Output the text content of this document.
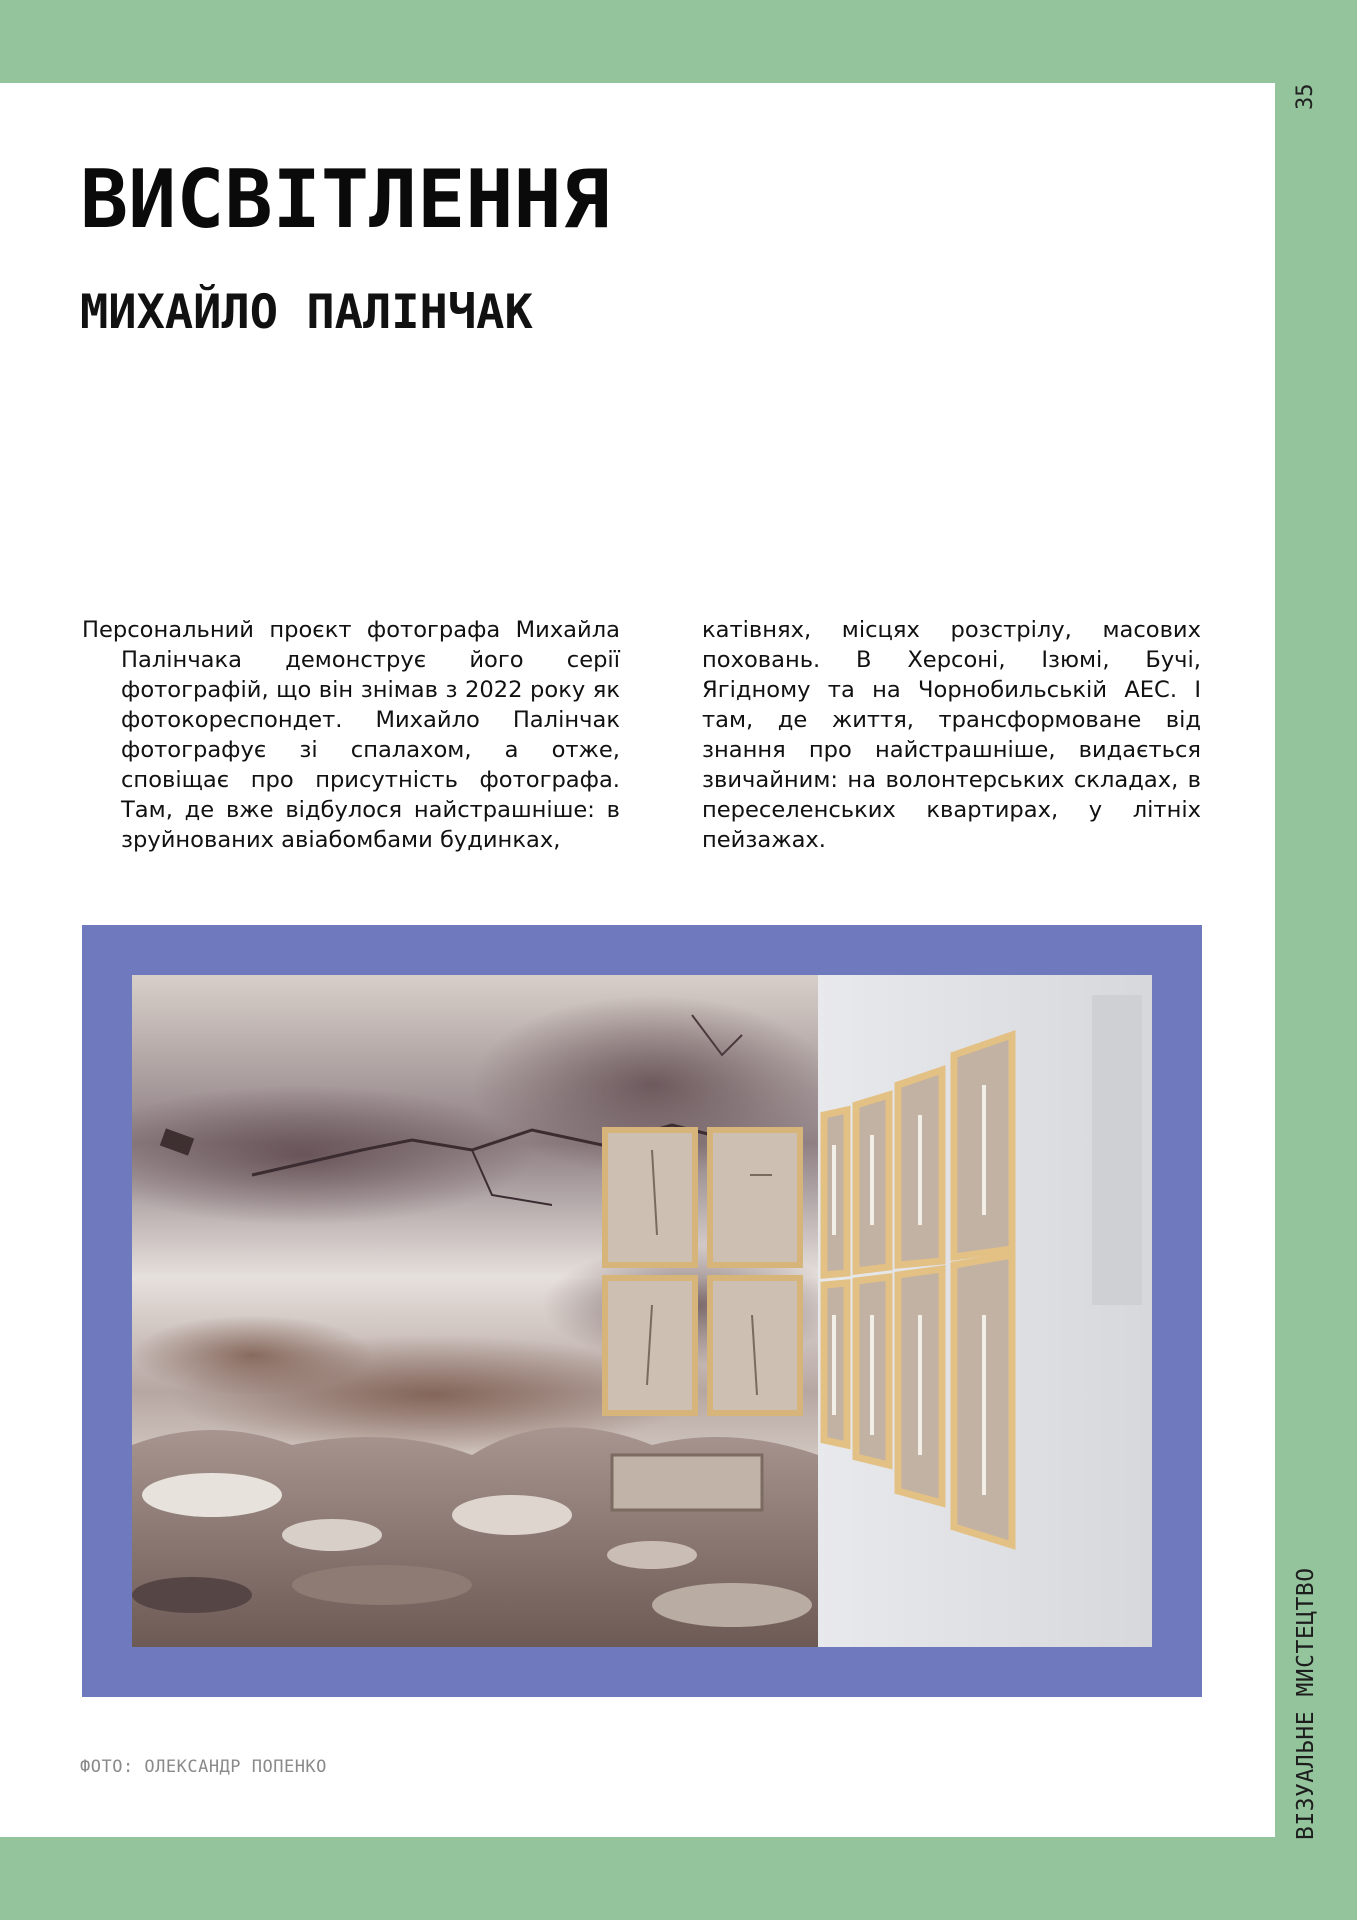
35
ВІЗУАЛЬНЕ МИСТЕЦТВО
ВИСВІТЛЕННЯ
МИХАЙЛО ПАЛІНЧАК

Персональний проєкт фотографа Михайла Палінчака демонструє його серії фотографій, що він знімав з 2022 року як фотокореспондет. Михайло Палінчак фотографує зі спалахом, а отже, сповіщає про присутність фотографа. Там, де вже відбулося найстрашніше: в зруйнованих авіабомбами будинках,

катівнях, місцях розстрілу, масових поховань. В Херсоні, Ізюмі, Бучі, Ягідному та на Чорнобильській АЕС. І там, де життя, трансформоване від знання про найстрашніше, видається звичайним: на волонтерських складах, в переселенських квартирах, у літніх пейзажах.

ФОТО: ОЛЕКСАНДР ПОПЕНКО
